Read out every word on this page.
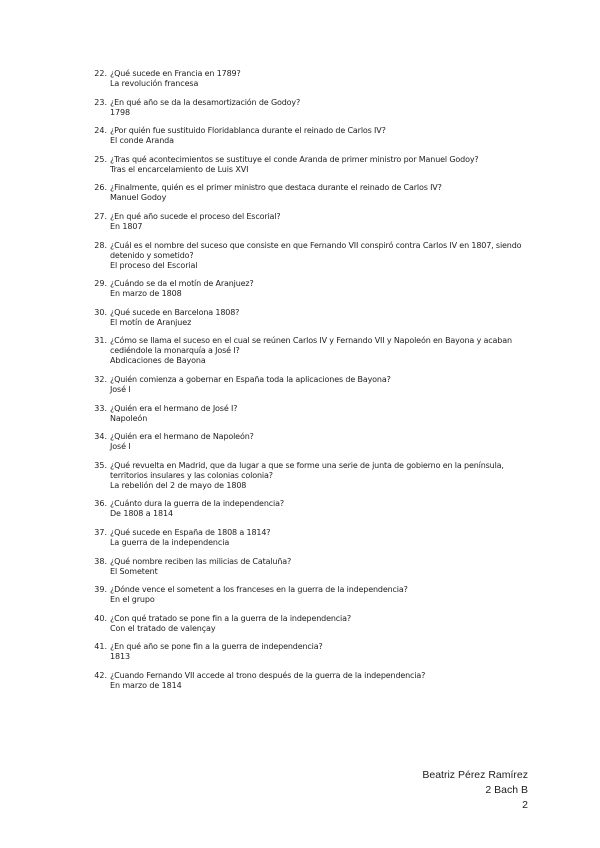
22. ¿Qué sucede en Francia en 1789?
La revolución francesa
23. ¿En qué año se da la desamortización de Godoy?
1798
24. ¿Por quién fue sustituido Floridablanca durante el reinado de Carlos IV?
El conde Aranda
25. ¿Tras qué acontecimientos se sustituye el conde Aranda de primer ministro por Manuel Godoy?
Tras el encarcelamiento de Luis XVI
26. ¿Finalmente, quién es el primer ministro que destaca durante el reinado de Carlos IV?
Manuel Godoy
27. ¿En qué año sucede el proceso del Escorial?
En 1807
28. ¿Cuál es el nombre del suceso que consiste en que Fernando VII conspiró contra Carlos IV en 1807, siendo detenido y sometido?
El proceso del Escorial
29. ¿Cuándo se da el motín de Aranjuez?
En marzo de 1808
30. ¿Qué sucede en Barcelona 1808?
El motín de Aranjuez
31. ¿Cómo se llama el suceso en el cual se reúnen Carlos IV y Fernando VII y Napoleón en Bayona y acaban cediéndole la monarquía a José I?
Abdicaciones de Bayona
32. ¿Quién comienza a gobernar en España toda la aplicaciones de Bayona?
José I
33. ¿Quién era el hermano de José I?
Napoleón
34. ¿Quién era el hermano de Napoleón?
José I
35. ¿Qué revuelta en Madrid, que da lugar a que se forme una serie de junta de gobierno en la península, territorios insulares y las colonias colonia?
La rebelión del 2 de mayo de 1808
36. ¿Cuánto dura la guerra de la independencia?
De 1808 a 1814
37. ¿Qué sucede en España de 1808 a 1814?
La guerra de la independencia
38. ¿Qué nombre reciben las milicias de Cataluña?
El Sometent
39. ¿Dónde vence el sometent a los franceses en la guerra de la independencia?
En el grupo
40. ¿Con qué tratado se pone fin a la guerra de la independencia?
Con el tratado de valençay
41. ¿En qué año se pone fin a la guerra de independencia?
1813
42. ¿Cuando Fernando VII accede al trono después de la guerra de la independencia?
En marzo de 1814
Beatriz Pérez Ramírez
2 Bach B
2
